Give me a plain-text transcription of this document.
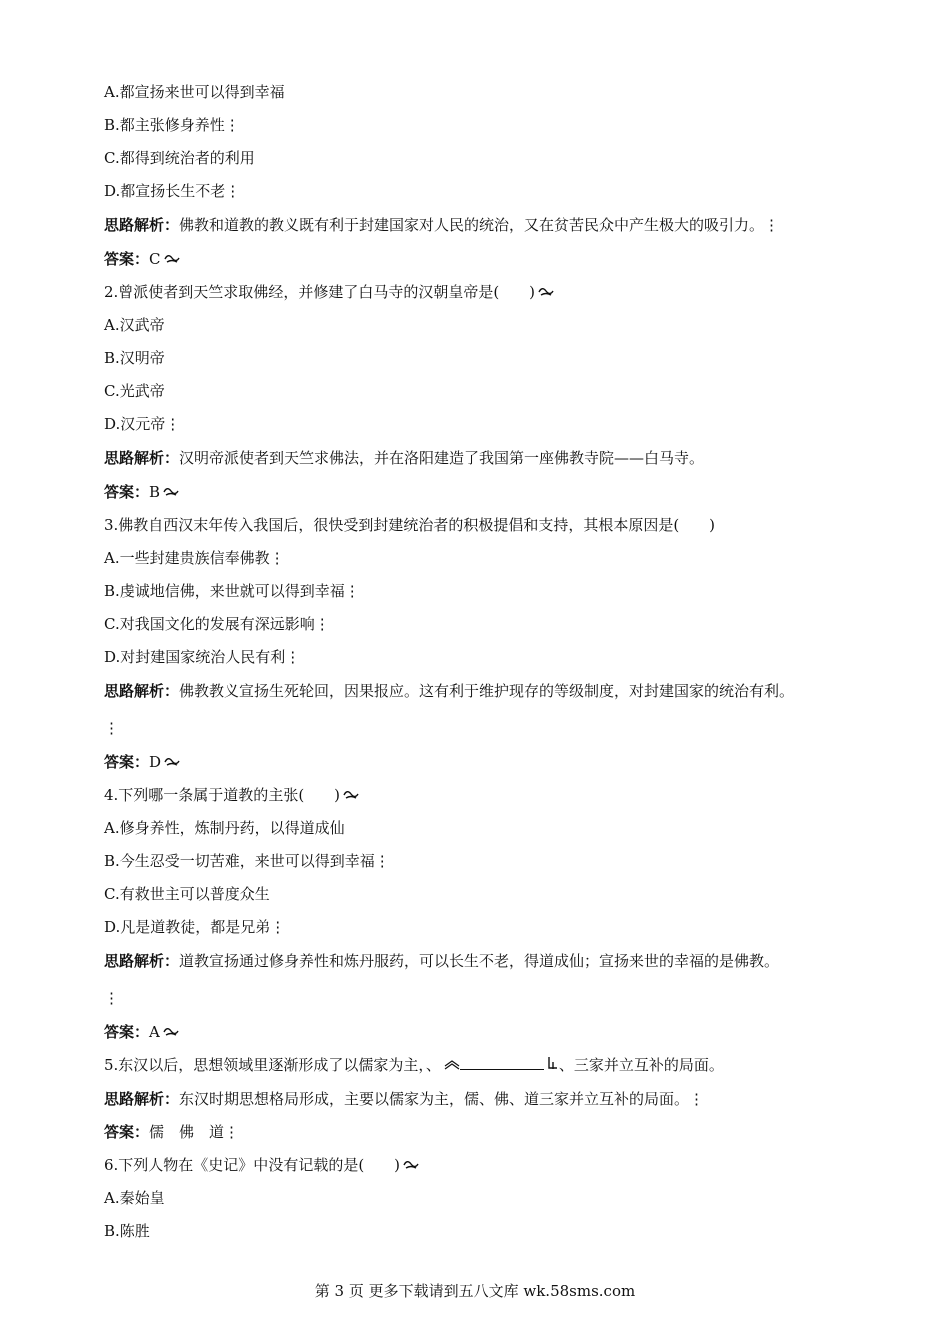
A.都宣扬来世可以得到幸福
B.都主张修身养性⋮
C.都得到统治者的利用
D.都宣扬长生不老⋮
思路解析：佛教和道教的教义既有利于封建国家对人民的统治，又在贫苦民众中产生极大的吸引力。⋮
答案：C
2.曾派使者到天竺求取佛经，并修建了白马寺的汉朝皇帝是(　　)
A.汉武帝
B.汉明帝
C.光武帝
D.汉元帝⋮
思路解析：汉明帝派使者到天竺求佛法，并在洛阳建造了我国第一座佛教寺院——白马寺。
答案：B
3.佛教自西汉末年传入我国后，很快受到封建统治者的积极提倡和支持，其根本原因是(　　)
A.一些封建贵族信奉佛教⋮
B.虔诚地信佛，来世就可以得到幸福⋮
C.对我国文化的发展有深远影响⋮
D.对封建国家统治人民有利⋮
思路解析：佛教教义宣扬生死轮回，因果报应。这有利于维护现存的等级制度，对封建国家的统治有利。
⋮
答案：D
4.下列哪一条属于道教的主张(　　)
A.修身养性，炼制丹药，以得道成仙
B.今生忍受一切苦难，来世可以得到幸福⋮
C.有救世主可以普度众生
D.凡是道教徒，都是兄弟⋮
思路解析：道教宣扬通过修身养性和炼丹服药，可以长生不老，得道成仙；宣扬来世的幸福的是佛教。
⋮
答案：A
5.东汉以后，思想领域里逐渐形成了以儒家为主，、	、三家并立互补的局面。
思路解析：东汉时期思想格局形成，主要以儒家为主，儒、佛、道三家并立互补的局面。⋮
答案：儒　佛　道⋮
6.下列人物在《史记》中没有记载的是(　　)
A.秦始皇
B.陈胜
第 3 页 更多下载请到五八文库 wk.58sms.com
